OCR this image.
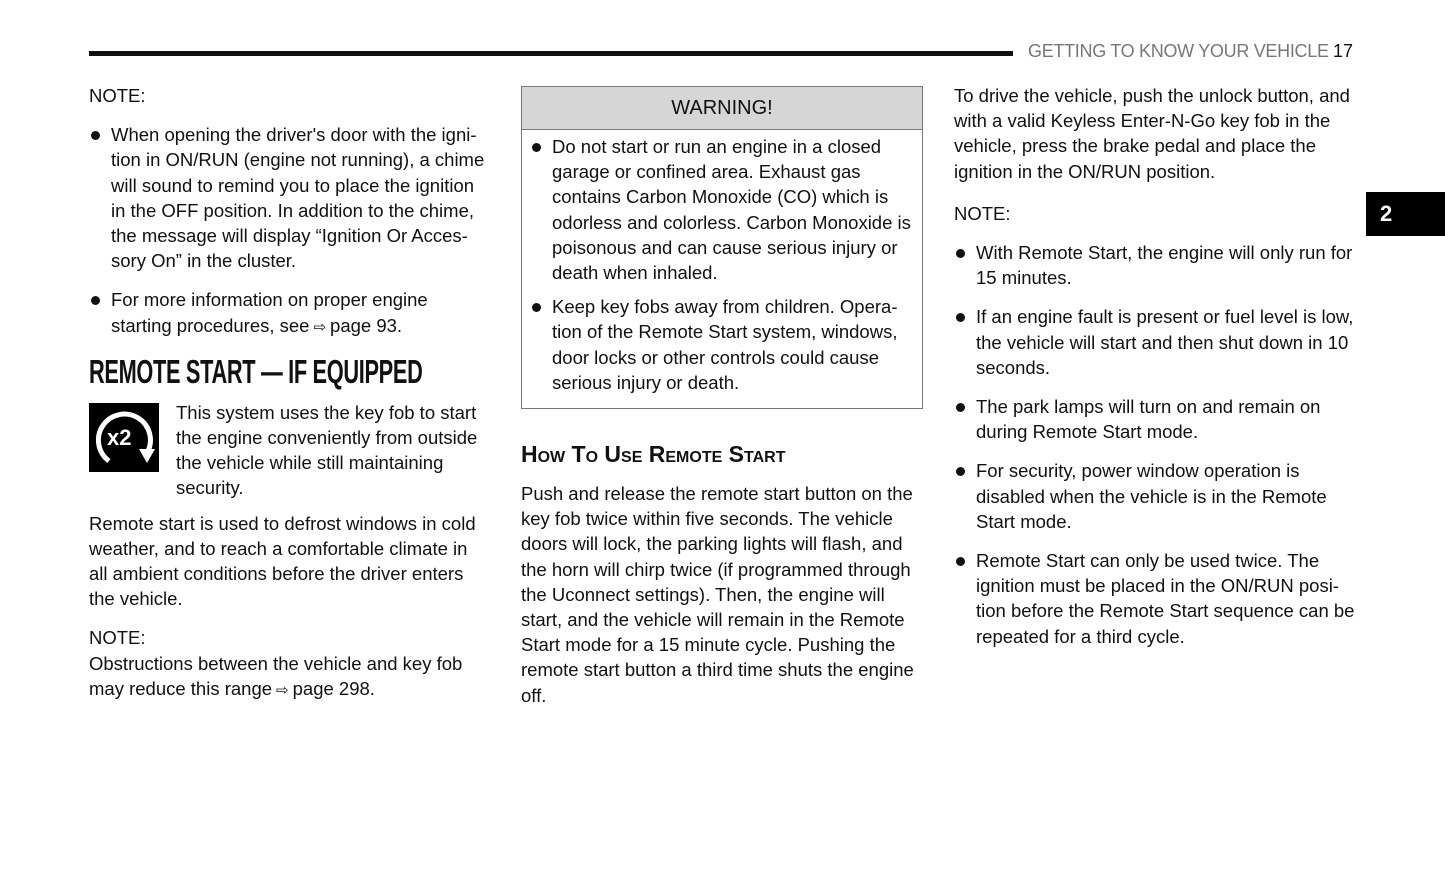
GETTING TO KNOW YOUR VEHICLE 17
2
NOTE:
When opening the driver's door with the igni-tion in ON/RUN (engine not running), a chime will sound to remind you to place the ignition in the OFF position. In addition to the chime, the message will display “Ignition Or Acces-sory On” in the cluster.
For more information on proper engine starting procedures, see ⇨ page 93.
REMOTE START — IF EQUIPPED
x2
This system uses the key fob to start the engine conveniently from outside the vehicle while still maintaining security.

Remote start is used to defrost windows in cold weather, and to reach a comfortable climate in all ambient conditions before the driver enters the vehicle.

NOTE:
Obstructions between the vehicle and key fob may reduce this range ⇨ page 298.
WARNING!
Do not start or run an engine in a closed garage or confined area. Exhaust gas contains Carbon Monoxide (CO) which is odorless and colorless. Carbon Monoxide is poisonous and can cause serious injury or death when inhaled.
Keep key fobs away from children. Opera-tion of the Remote Start system, windows, door locks or other controls could cause serious injury or death.
How To Use Remote Start

Push and release the remote start button on the key fob twice within five seconds. The vehicle doors will lock, the parking lights will flash, and the horn will chirp twice (if programmed through the Uconnect settings). Then, the engine will start, and the vehicle will remain in the Remote Start mode for a 15 minute cycle. Pushing the remote start button a third time shuts the engine off.

To drive the vehicle, push the unlock button, and with a valid Keyless Enter-N-Go key fob in the vehicle, press the brake pedal and place the ignition in the ON/RUN position.

NOTE:
With Remote Start, the engine will only run for 15 minutes.
If an engine fault is present or fuel level is low, the vehicle will start and then shut down in 10 seconds.
The park lamps will turn on and remain on during Remote Start mode.
For security, power window operation is disabled when the vehicle is in the Remote Start mode.
Remote Start can only be used twice. The ignition must be placed in the ON/RUN posi-tion before the Remote Start sequence can be repeated for a third cycle.
